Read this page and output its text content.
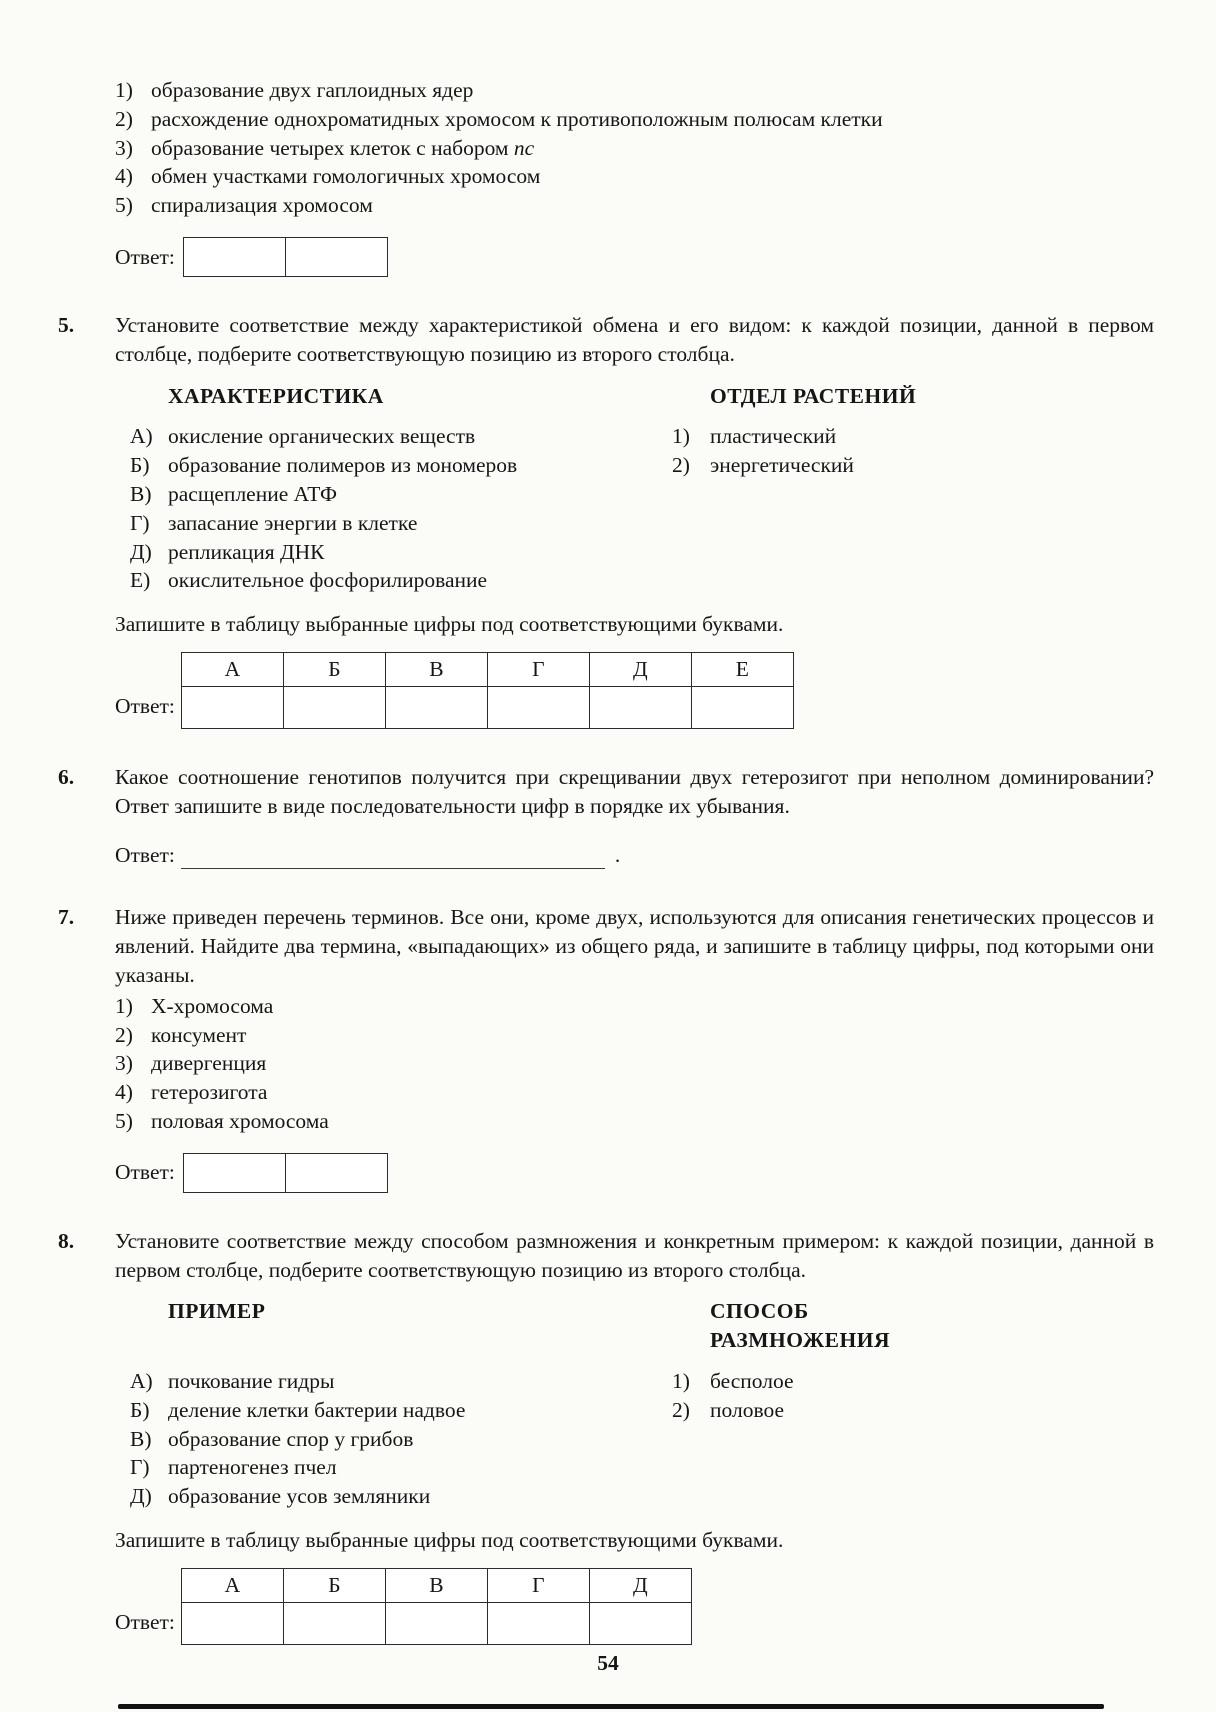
1) образование двух гаплоидных ядер
2) расхождение однохроматидных хромосом к противоположным полюсам клетки
3) образование четырех клеток с набором nc
4) обмен участками гомологичных хромосом
5) спирализация хромосом
Ответ:
5.	Установите соответствие между характеристикой обмена и его видом: к каждой позиции, данной в первом столбце, подберите соответствующую позицию из второго столбца.
ХАРАКТЕРИСТИКА	ОТДЕЛ РАСТЕНИЙ
А) окисление органических веществ
Б) образование полимеров из мономеров
В) расщепление АТФ
Г) запасание энергии в клетке
Д) репликация ДНК
Е) окислительное фосфорилирование
1) пластический
2) энергетический
Запишите в таблицу выбранные цифры под соответствующими буквами.
Ответ:
А	Б	В	Г	Д	Е

6.	Какое соотношение генотипов получится при скрещивании двух гетерозигот при неполном доминировании? Ответ запишите в виде последовательности цифр в порядке их убывания.
Ответ:	.
7.	Ниже приведен перечень терминов. Все они, кроме двух, используются для описания генетических процессов и явлений. Найдите два термина, «выпадающих» из общего ряда, и запишите в таблицу цифры, под которыми они указаны.
1) Х-хромосома
2) консумент
3) дивергенция
4) гетерозигота
5) половая хромосома
Ответ:
8.	Установите соответствие между способом размножения и конкретным примером: к каждой позиции, данной в первом столбце, подберите соответствующую позицию из второго столбца.
ПРИМЕР	СПОСОБ
РАЗМНОЖЕНИЯ
А) почкование гидры
Б) деление клетки бактерии надвое
В) образование спор у грибов
Г) партеногенез пчел
Д) образование усов земляники
1) бесполое
2) половое
Запишите в таблицу выбранные цифры под соответствующими буквами.
Ответ:
А	Б	В	Г	Д

54
